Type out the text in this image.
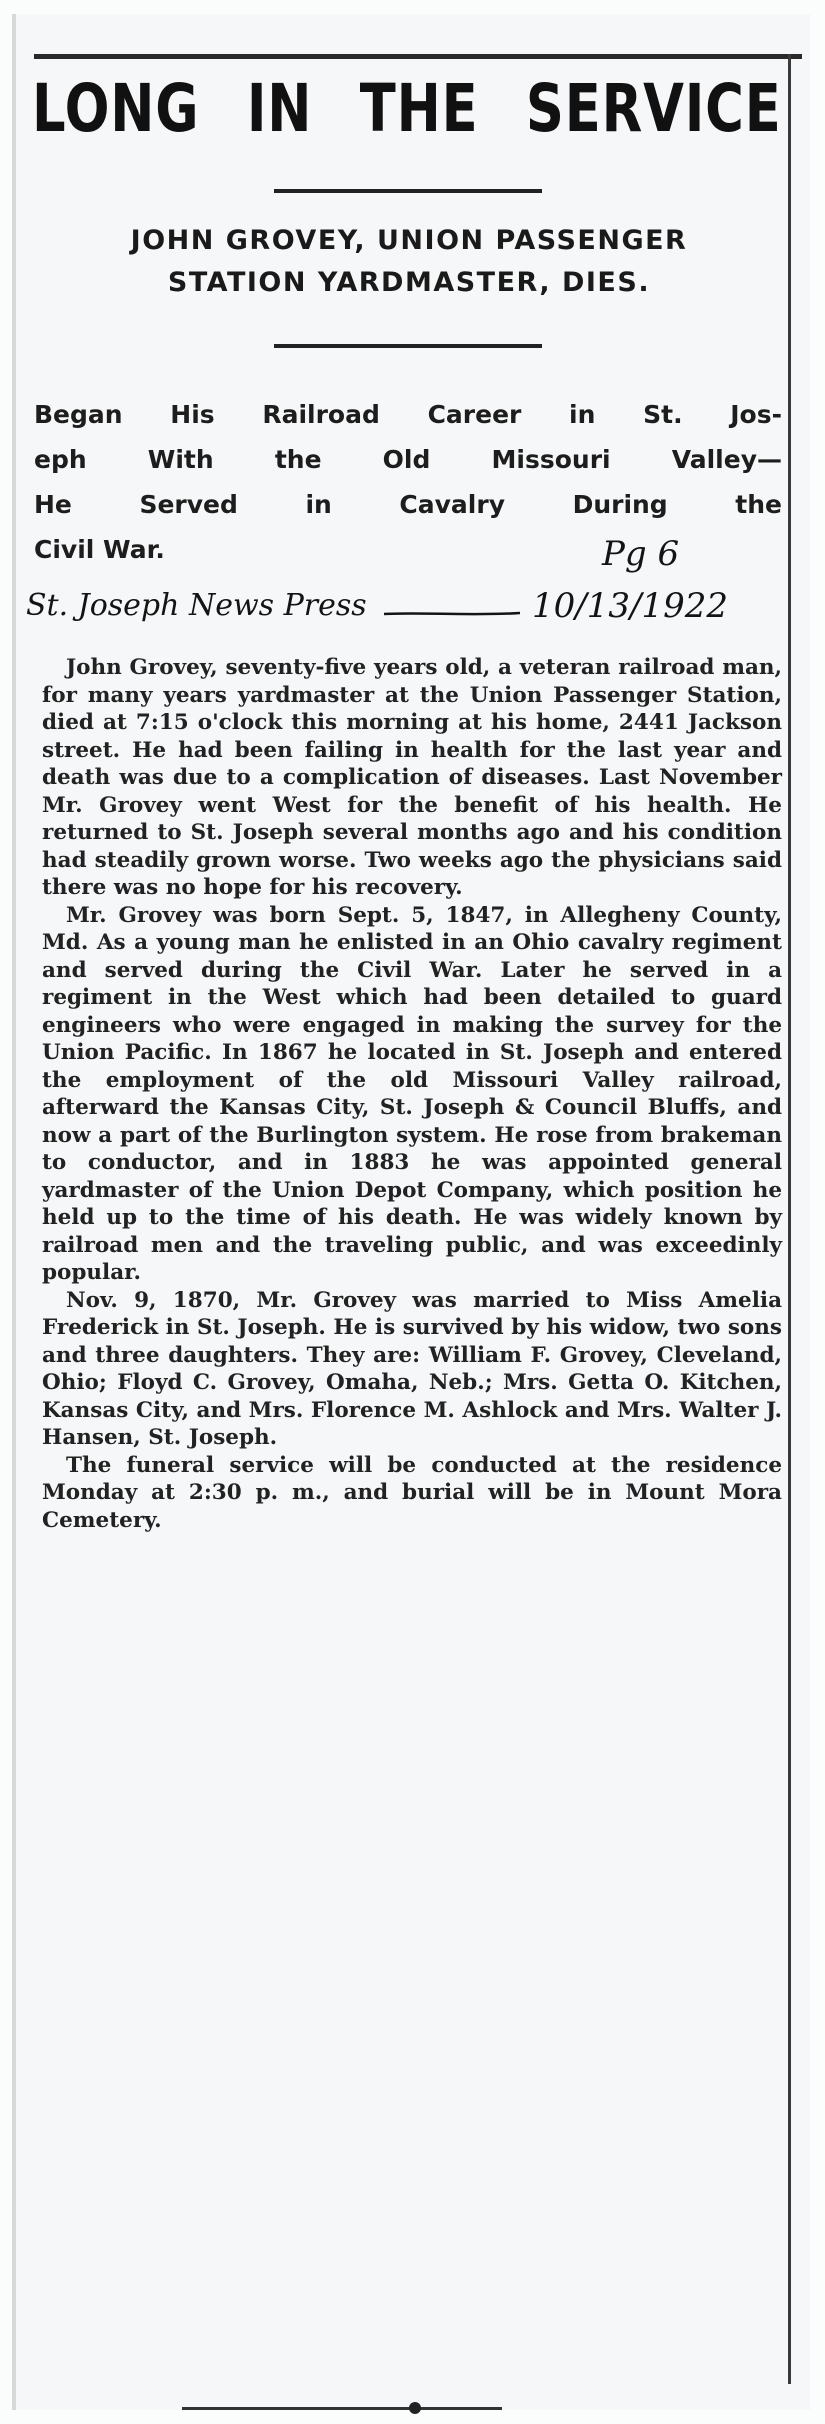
LONG IN THE SERVICE
JOHN GROVEY, UNION PASSENGER
STATION YARDMASTER, DIES.
Began His Railroad Career in St. Jos-
eph With the Old Missouri Valley—
He Served in Cavalry During the
Civil War.	Pg 6
St. Joseph News Press	10/13/1922

John Grovey, seventy-five years old, a veteran railroad man, for many years yardmaster at the Union Passenger Station, died at 7:15 o'clock this morning at his home, 2441 Jackson street. He had been failing in health for the last year and death was due to a complication of diseases. Last November Mr. Grovey went West for the benefit of his health. He returned to St. Joseph several months ago and his condition had steadily grown worse. Two weeks ago the physicians said there was no hope for his recovery.

Mr. Grovey was born Sept. 5, 1847, in Allegheny County, Md. As a young man he enlisted in an Ohio cavalry regiment and served during the Civil War. Later he served in a regiment in the West which had been detailed to guard engineers who were engaged in making the survey for the Union Pacific. In 1867 he located in St. Joseph and entered the employment of the old Missouri Valley railroad, afterward the Kansas City, St. Joseph & Council Bluffs, and now a part of the Burlington system. He rose from brakeman to conductor, and in 1883 he was appointed general yardmaster of the Union Depot Company, which position he held up to the time of his death. He was widely known by railroad men and the traveling public, and was exceedinly popular.

Nov. 9, 1870, Mr. Grovey was married to Miss Amelia Frederick in St. Joseph. He is survived by his widow, two sons and three daughters. They are: William F. Grovey, Cleveland, Ohio; Floyd C. Grovey, Omaha, Neb.; Mrs. Getta O. Kitchen, Kansas City, and Mrs. Florence M. Ashlock and Mrs. Walter J. Hansen, St. Joseph.

The funeral service will be conducted at the residence Monday at 2:30 p. m., and burial will be in Mount Mora Cemetery.
